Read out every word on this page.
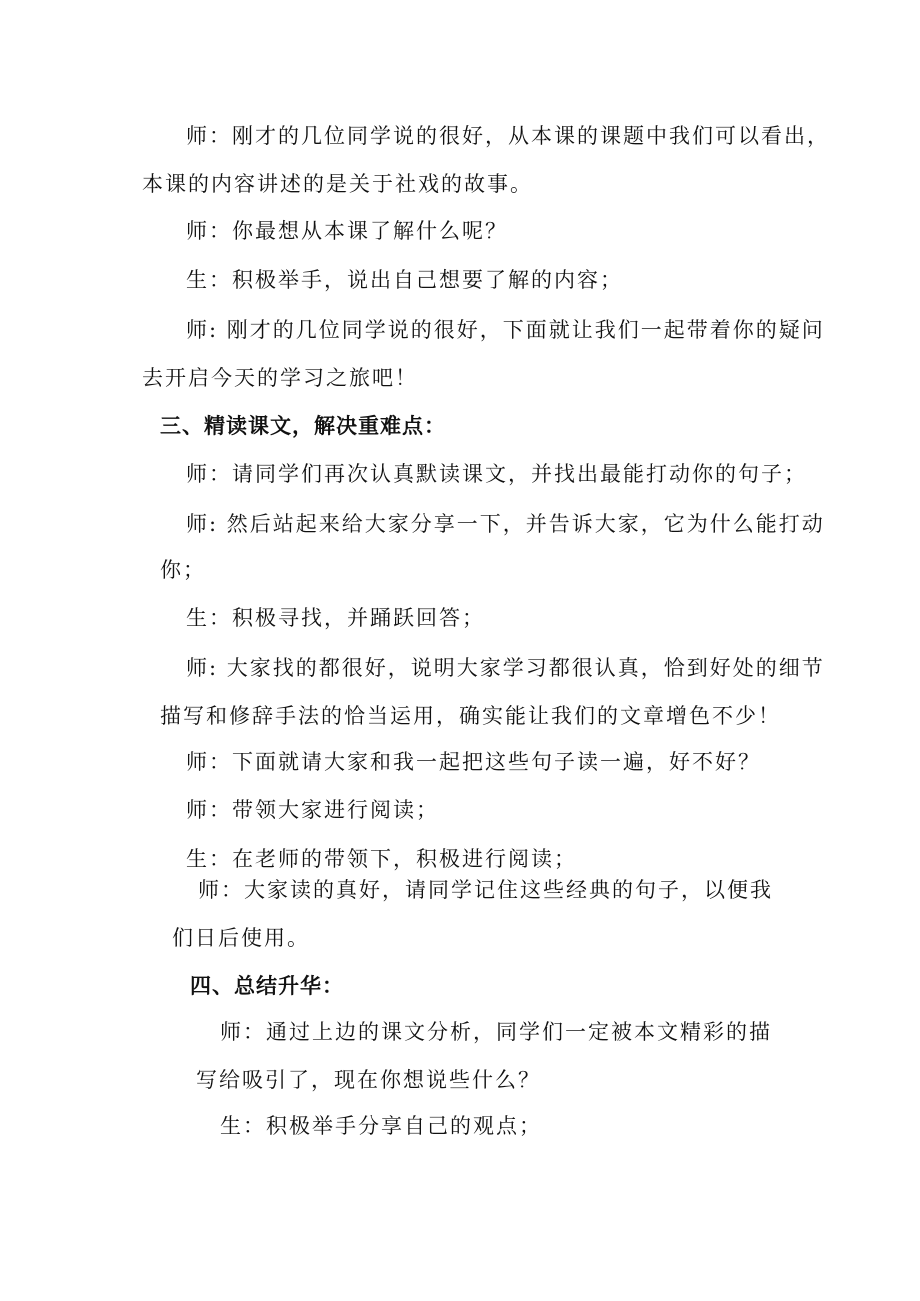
师：刚才的几位同学说的很好，从本课的课题中我们可以看出，
本课的内容讲述的是关于社戏的故事。
师：你最想从本课了解什么呢？
生：积极举手，说出自己想要了解的内容；
师: 刚才的几位同学说的很好，下面就让我们一起带着你的疑问
去开启今天的学习之旅吧！
三、精读课文，解决重难点：
师：请同学们再次认真默读课文，并找出最能打动你的句子；
师: 然后站起来给大家分享一下，并告诉大家，它为什么能打动
你；
生：积极寻找，并踊跃回答；
师: 大家找的都很好，说明大家学习都很认真，恰到好处的细节
描写和修辞手法的恰当运用，确实能让我们的文章增色不少！
师：下面就请大家和我一起把这些句子读一遍，好不好？
师：带领大家进行阅读；
生：在老师的带领下，积极进行阅读；
师：大家读的真好，请同学记住这些经典的句子，以便我
们日后使用。
四、总结升华：
师：通过上边的课文分析，同学们一定被本文精彩的描
写给吸引了，现在你想说些什么？
生：积极举手分享自己的观点；
